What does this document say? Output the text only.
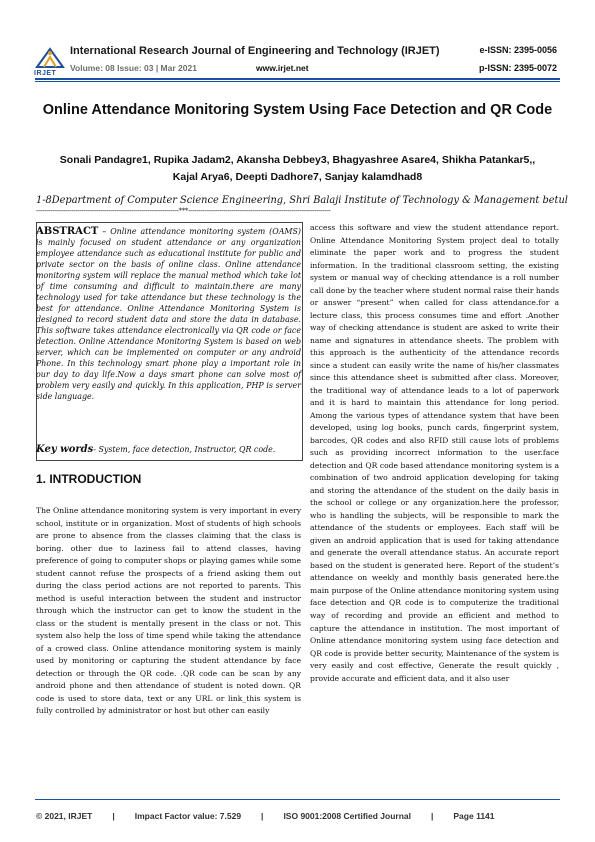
IRJET
International Research Journal of Engineering and Technology (IRJET)
Volume: 08 Issue: 03 | Mar 2021	www.irjet.net
e-ISSN: 2395-0056
p-ISSN: 2395-0072
Online Attendance Monitoring System Using Face Detection and QR Code
Sonali Pandagre1, Rupika Jadam2, Akansha Debbey3, Bhagyashree Asare4, Shikha Patankar5,,
Kajal Arya6, Deepti Dadhore7, Sanjay kalamdhad8
1-8Department of Computer Science Engineering, Shri Balaji Institute of Technology & Management betul
---------------------------------------------------------------------***---------------------------------------------------------------------
ABSTRACT – Online attendance monitoring system (OAMS) is mainly focused on student attendance or any organization employee attendance such as educational institute for public and private sector on the basis of online class. Online attendance monitoring system will replace the manual method which take lot of time consuming and difficult to maintain.there are many technology used for take attendance but these technology is the best for attendance. Online Attendance Monitoring System is designed to record student data and store the data in database. This software takes attendance electronically via QR code or face detection. Online Attendance Monitoring System is based on web server, which can be implemented on computer or any android Phone. In this technology smart phone play a important role in our day to day life.Now a days smart phone can solve most of problem very easily and quickly. In this application, PHP is server side language.
Key words- System, face detection, Instructor, QR code.
1. INTRODUCTION
The Online attendance monitoring system is very important in every school, institute or in organization. Most of students of high schools are prone to absence from the classes claiming that the class is boring. other due to laziness fail to attend classes, having preference of going to computer shops or playing games while some student cannot refuse the prospects of a friend asking them out during the class period actions are not reported to parents. This method is useful interaction between the student and instructor through which the instructor can get to know the student in the class or the student is mentally present in the class or not. This system also help the loss of time spend while taking the attendance of a crowed class. Online attendance monitoring system is mainly used by monitoring or capturing the student attendance by face detection or through the QR code. .QR code can be scan by any android phone and then attendance of student is noted down. QR code is used to store data, text or any URL or link_this system is fully controlled by administrator or host but other can easily
access this software and view the student attendance report. Online Attendance Monitoring System project deal to totally eliminate the paper work and to progress the student information. In the traditional classroom setting, the existing system or manual way of checking attendance is a roll number call done by the teacher where student normal raise their hands or answer “present” when called for class attendance.for a lecture class, this process consumes time and effort .Another way of checking attendance is student are asked to write their name and signatures in attendance sheets. The problem with this approach is the authenticity of the attendance records since a student can easily write the name of his/her classmates since this attendance sheet is submitted after class. Moreover, the traditional way of attendance leads to a lot of paperwork and it is hard to maintain this attendance for long period. Among the various types of attendance system that have been developed, using log books, punch cards, fingerprint system, barcodes, QR codes and also RFID still cause lots of problems such as providing incorrect information to the user.face detection and QR code based attendance monitoring system is a combination of two android application developing for taking and storing the attendance of the student on the daily basis in the school or college or any organization.here the professor, who is handling the subjects, will be responsible to mark the attendance of the students or employees. Each staff will be given an android application that is used for taking attendance and generate the overall attendance status. An accurate report based on the student is generated here. Report of the student’s attendance on weekly and monthly basis generated here.the main purpose of the Online attendance monitoring system using face detection and QR code is to computerize the traditional way of recording and provide an efficient and method to capture the attendance in institution. The most important of Online attendance monitoring system using face detection and QR code is provide better security, Maintenance of the system is very easily and cost effective, Generate the result quickly , provide accurate and efficient data, and it also user
© 2021, IRJET | Impact Factor value: 7.529 | ISO 9001:2008 Certified Journal | Page 1141
